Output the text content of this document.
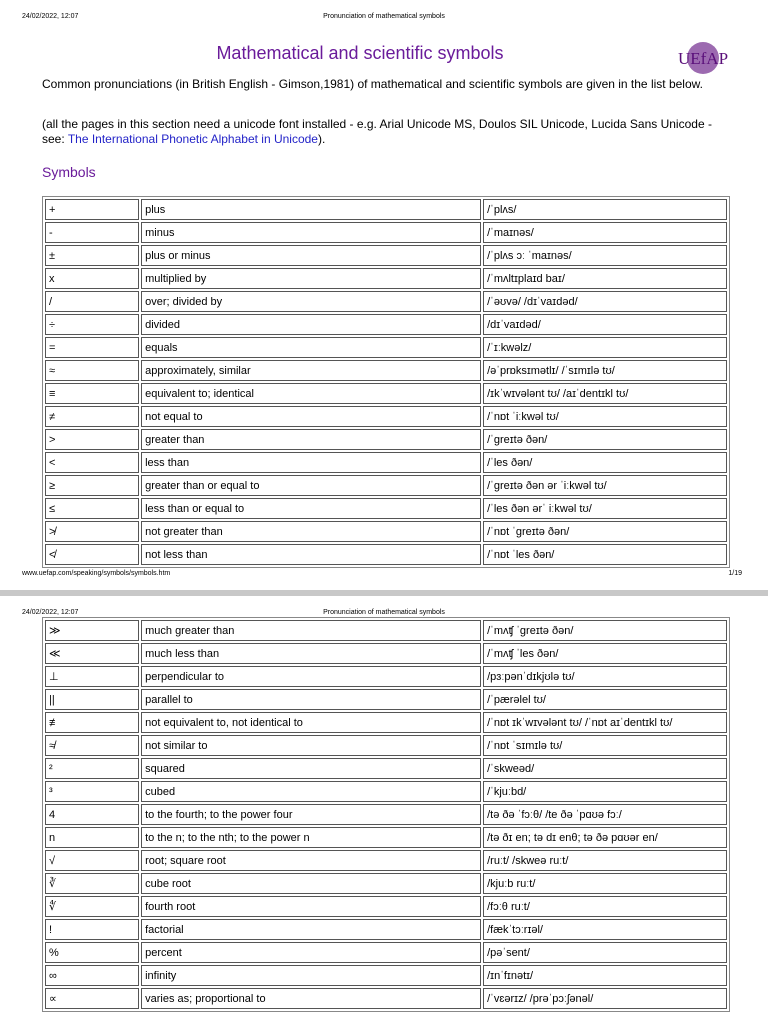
24/02/2022, 12:07	Pronunciation of mathematical symbols
Mathematical and scientific symbols	UEfAP

Common pronunciations (in British English - Gimson,1981) of mathematical and scientific symbols are given in the list below.

(all the pages in this section need a unicode font installed - e.g. Arial Unicode MS, Doulos SIL Unicode, Lucida Sans Unicode - see: The International Phonetic Alphabet in Unicode).

Symbols
+	plus	/ˈplʌs/
-	minus	/ˈmaɪnəs/
±	plus or minus	/ˈplʌs ɔː ˈmaɪnəs/
x	multiplied by	/ˈmʌltɪplaɪd baɪ/
/	over; divided by	/ˈəʊvə/ /dɪˈvaɪdəd/
÷	divided	/dɪˈvaɪdəd/
=	equals	/ˈɪːkwəlz/
≈	approximately, similar	/əˈprɒksɪmətlɪ/ /ˈsɪmɪlə tʊ/
≡	equivalent to; identical	/ɪkˈwɪvələnt tʊ/ /aɪˈdentɪkl tʊ/
≠	not equal to	/ˈnɒt ˈiːkwəl tʊ/
>	greater than	/ˈɡreɪtə ðən/
<	less than	/ˈles ðən/
≥	greater than or equal to	/ˈɡreɪtə ðən ər ˈiːkwəl tʊ/
≤	less than or equal to	/ˈles ðən ərˈ iːkwəl tʊ/
≯	not greater than	/ˈnɒt ˈɡreɪtə ðən/
≮	not less than	/ˈnɒt ˈles ðən/
www.uefap.com/speaking/symbols/symbols.htm	1/19
24/02/2022, 12:07	Pronunciation of mathematical symbols
≫	much greater than	/ˈmʌʧ ˈɡreɪtə ðən/
≪	much less than	/ˈmʌʧ ˈles ðən/
⊥	perpendicular to	/pɜːpənˈdɪkjʊlə tʊ/
||	parallel to	/ˈpærəlel tʊ/
≢	not equivalent to, not identical to	/ˈnɒt ɪkˈwɪvələnt tʊ/ /ˈnɒt aɪˈdentɪkl tʊ/
≉	not similar to	/ˈnɒt ˈsɪmɪlə tʊ/
²	squared	/ˈskweəd/
³	cubed	/ˈkjuːbd/
4	to the fourth; to the power four	/tə ðə ˈfɔːθ/ /te ðə ˈpɑʊə fɔː/
n	to the n; to the nth; to the power n	/tə ðɪ en; tə dɪ enθ; tə ðə pɑʊər en/
√	root; square root	/ruːt/ /skweə ruːt/
∛	cube root	/kjuːb ruːt/
∜	fourth root	/fɔːθ ruːt/
!	factorial	/fækˈtɔːrɪəl/
%	percent	/pəˈsent/
∞	infinity	/ɪnˈfɪnətɪ/
∝	varies as; proportional to	/ˈvɛərɪz/ /prəˈpɔːʃənəl/
